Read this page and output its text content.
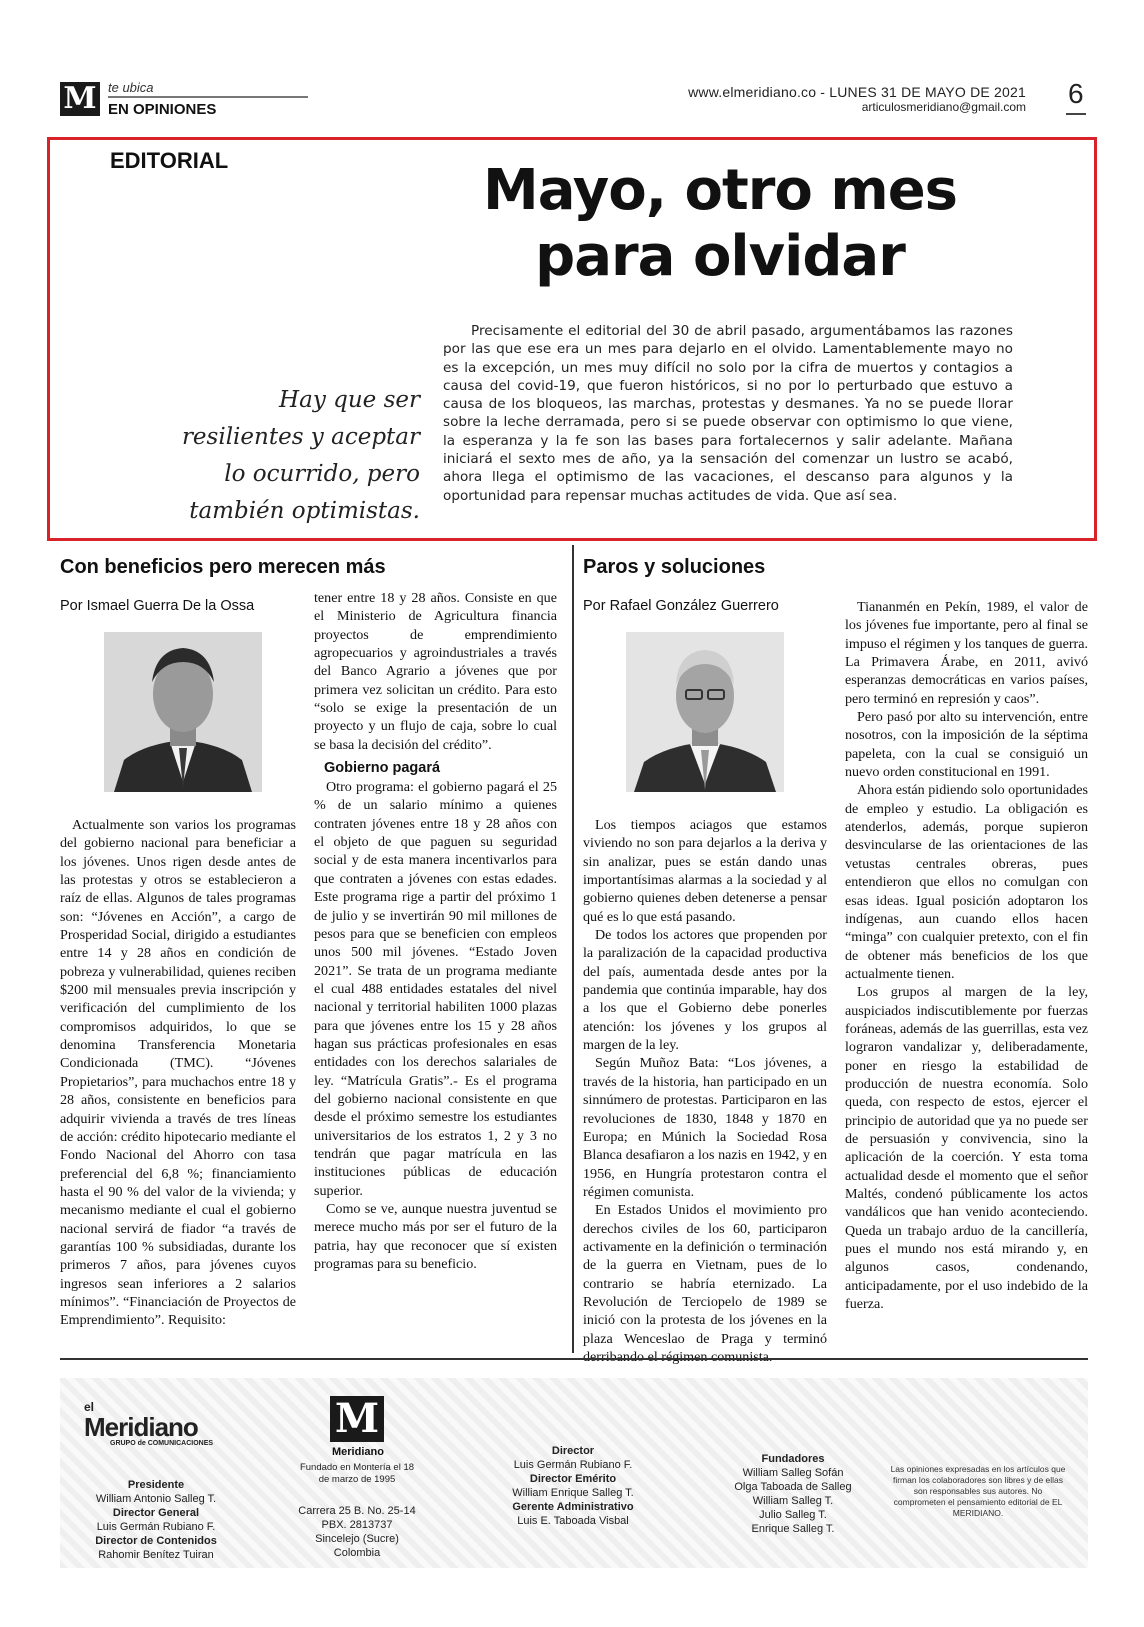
M te ubica
EN OPINIONES
www.elmeridiano.co - LUNES 31 DE MAYO DE 2021
articulosmeridiano@gmail.com 6
EDITORIAL	Mayo, otro mes
para olvidar
Hay que ser resilientes y aceptar lo ocurrido, pero también optimistas.
Precisamente el editorial del 30 de abril pasado, argumentábamos las razones por las que ese era un mes para dejarlo en el olvido. Lamentablemente mayo no es la excepción, un mes muy difícil no solo por la cifra de muertos y contagios a causa del covid-19, que fueron históricos, si no por lo perturbado que estuvo a causa de los bloqueos, las marchas, protestas y desmanes. Ya no se puede llorar sobre la leche derramada, pero si se puede observar con optimismo lo que viene, la esperanza y la fe son las bases para fortalecernos y salir adelante. Mañana iniciará el sexto mes de año, ya la sensación del comenzar un lustro se acabó, ahora llega el optimismo de las vacaciones, el descanso para algunos y la oportunidad para repensar muchas actitudes de vida. Que así sea.
Con beneficios pero merecen más
Por Ismael Guerra De la Ossa

Actualmente son varios los programas del gobierno nacional para beneficiar a los jóvenes. Unos rigen desde antes de las protestas y otros se establecieron a raíz de ellas. Algunos de tales programas son: “Jóvenes en Acción”, a cargo de Prosperidad Social, dirigido a estudiantes entre 14 y 28 años en condición de pobreza y vulnerabilidad, quienes reciben $200 mil mensuales previa inscripción y verificación del cumplimiento de los compromisos adquiridos, lo que se denomina Transferencia Monetaria Condicionada (TMC). “Jóvenes Propietarios”, para muchachos entre 18 y 28 años, consistente en beneficios para adquirir vivienda a través de tres líneas de acción: crédito hipotecario mediante el Fondo Nacional del Ahorro con tasa preferencial del 6,8 %; financiamiento hasta el 90 % del valor de la vivienda; y mecanismo mediante el cual el gobierno nacional servirá de fiador “a través de garantías 100 % subsidiadas, durante los primeros 7 años, para jóvenes cuyos ingresos sean inferiores a 2 salarios mínimos”. “Financiación de Proyectos de Emprendimiento”. Requisito:

tener entre 18 y 28 años. Consiste en que el Ministerio de Agricultura financia proyectos de emprendimiento agropecuarios y agroindustriales a través del Banco Agrario a jóvenes que por primera vez solicitan un crédito. Para esto “solo se exige la presentación de un proyecto y un flujo de caja, sobre lo cual se basa la decisión del crédito”.

Gobierno pagará

Otro programa: el gobierno pagará el 25 % de un salario mínimo a quienes contraten jóvenes entre 18 y 28 años con el objeto de que paguen su seguridad social y de esta manera incentivarlos para que contraten a jóvenes con estas edades. Este programa rige a partir del próximo 1 de julio y se invertirán 90 mil millones de pesos para que se beneficien con empleos unos 500 mil jóvenes. “Estado Joven 2021”. Se trata de un programa mediante el cual 488 entidades estatales del nivel nacional y territorial habiliten 1000 plazas para que jóvenes entre los 15 y 28 años hagan sus prácticas profesionales en esas entidades con los derechos salariales de ley. “Matrícula Gratis”.- Es el programa del gobierno nacional consistente en que desde el próximo semestre los estudiantes universitarios de los estratos 1, 2 y 3 no tendrán que pagar matrícula en las instituciones públicas de educación superior.

Como se ve, aunque nuestra juventud se merece mucho más por ser el futuro de la patria, hay que reconocer que sí existen programas para su beneficio.

Paros y soluciones
Por Rafael González Guerrero

Los tiempos aciagos que estamos viviendo no son para dejarlos a la deriva y sin analizar, pues se están dando unas importantísimas alarmas a la sociedad y al gobierno quienes deben detenerse a pensar qué es lo que está pasando.

De todos los actores que propenden por la paralización de la capacidad productiva del país, aumentada desde antes por la pandemia que continúa imparable, hay dos a los que el Gobierno debe ponerles atención: los jóvenes y los grupos al margen de la ley.

Según Muñoz Bata: “Los jóvenes, a través de la historia, han participado en un sinnúmero de protestas. Participaron en las revoluciones de 1830, 1848 y 1870 en Europa; en Múnich la Sociedad Rosa Blanca desafiaron a los nazis en 1942, y en 1956, en Hungría protestaron contra el régimen comunista.

En Estados Unidos el movimiento pro derechos civiles de los 60, participaron activamente en la definición o terminación de la guerra en Vietnam, pues de lo contrario se habría eternizado. La Revolución de Terciopelo de 1989 se inició con la protesta de los jóvenes en la plaza Wenceslao de Praga y terminó derribando el régimen comunista.

Tiananmén en Pekín, 1989, el valor de los jóvenes fue importante, pero al final se impuso el régimen y los tanques de guerra. La Primavera Árabe, en 2011, avivó esperanzas democráticas en varios países, pero terminó en represión y caos”.

Pero pasó por alto su intervención, entre nosotros, con la imposición de la séptima papeleta, con la cual se consiguió un nuevo orden constitucional en 1991.

Ahora están pidiendo solo oportunidades de empleo y estudio. La obligación es atenderlos, además, porque supieron desvincularse de las orientaciones de las vetustas centrales obreras, pues entendieron que ellos no comulgan con esas ideas. Igual posición adoptaron los indígenas, aun cuando ellos hacen “minga” con cualquier pretexto, con el fin de obtener más beneficios de los que actualmente tienen.

Los grupos al margen de la ley, auspiciados indiscutiblemente por fuerzas foráneas, además de las guerrillas, esta vez lograron vandalizar y, deliberadamente, poner en riesgo la estabilidad de producción de nuestra economía. Solo queda, con respecto de estos, ejercer el principio de autoridad que ya no puede ser de persuasión y convivencia, sino la aplicación de la coerción. Y esta toma actualidad desde el momento que el señor Maltés, condenó públicamente los actos vandálicos que han venido aconteciendo. Queda un trabajo arduo de la cancillería, pues el mundo nos está mirando y, en algunos casos, condenando, anticipadamente, por el uso indebido de la fuerza.

el
Meridiano
GRUPO de COMUNICACIONES
Presidente
William Antonio Salleg T.
Director General
Luis Germán Rubiano F.
Director de Contenidos
Rahomir Benítez Tuiran
M
Meridiano
Fundado en Montería el 18 de marzo de 1995
Carrera 25 B. No. 25-14
PBX. 2813737
Sincelejo (Sucre) Colombia
Director
Luis Germán Rubiano F.
Director Emérito
William Enrique Salleg T.
Gerente Administrativo
Luis E. Taboada Visbal
Fundadores
William Salleg Sofán
Olga Taboada de Salleg
William Salleg T.
Julio Salleg T.
Enrique Salleg T.
Las opiniones expresadas en los artículos que firman los colaboradores son libres y de ellas son responsables sus autores. No comprometen el pensamiento editorial de EL MERIDIANO.
